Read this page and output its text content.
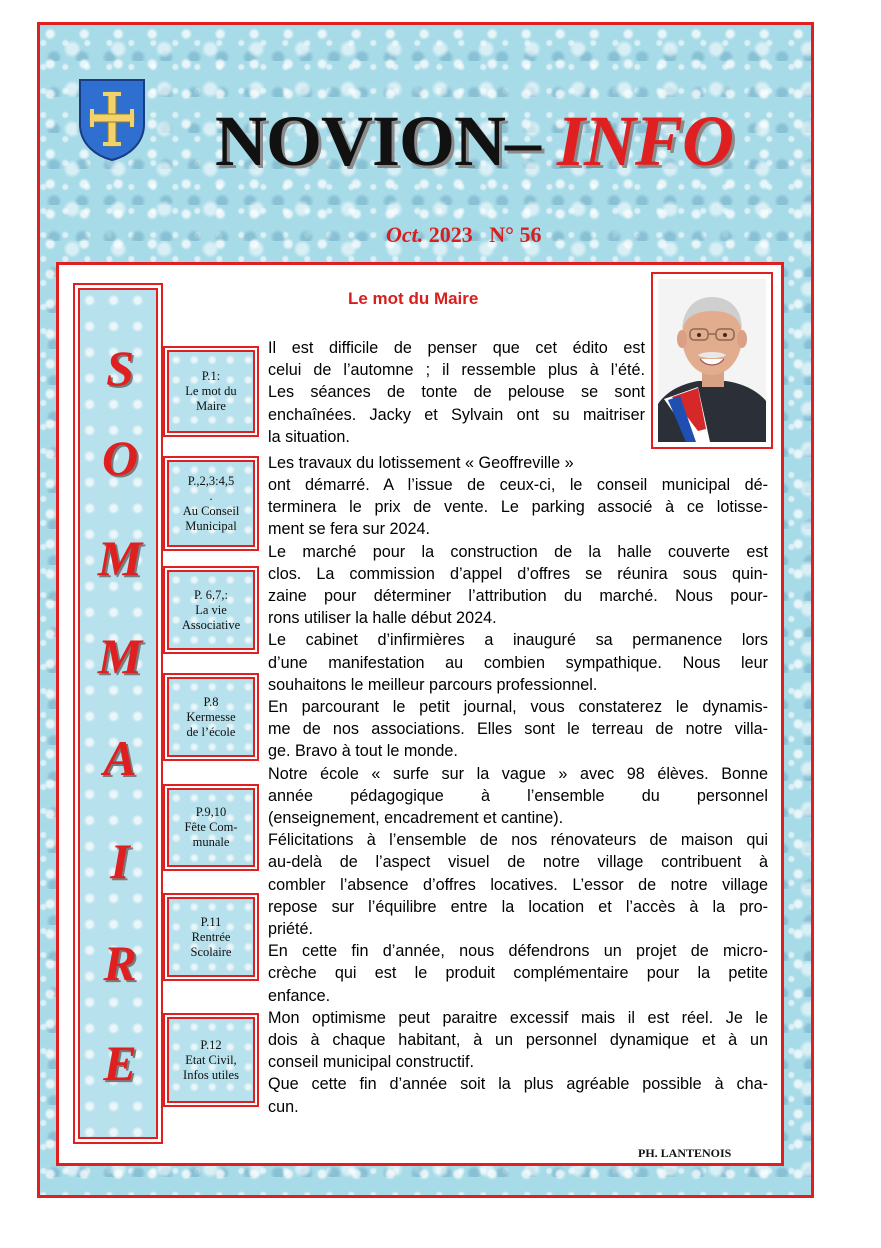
NOVION– INFO
Oct. 2023 N° 56
S
O
M
M
A
I
R
E
P.1:
Le mot du
Maire
P.,2,3:4,5
.
Au Conseil
Municipal
P. 6,7,:
La vie
Associative
P.8
Kermesse
de l’école
P.9,10
Fête Com-
munale
P.11
Rentrée
Scolaire
P.12
Etat Civil,
Infos utiles
Le mot du Maire
Il est difficile de penser que cet édito est
celui de l’automne ; il ressemble plus à l’été.
Les séances de tonte de pelouse se sont
enchaînées. Jacky et Sylvain ont su maitriser
la situation.
Les travaux du lotissement « Geoffreville »
ont démarré. A l’issue de ceux-ci, le conseil municipal dé-
terminera le prix de vente. Le parking associé à ce lotisse-
ment se fera sur 2024.
Le marché pour la construction de la halle couverte est
clos. La commission d’appel d’offres se réunira sous quin-
zaine pour déterminer l’attribution du marché. Nous pour-
rons utiliser la halle début 2024.
Le cabinet d’infirmières a inauguré sa permanence lors
d’une manifestation au combien sympathique. Nous leur
souhaitons le meilleur parcours professionnel.
En parcourant le petit journal, vous constaterez le dynamis-
me de nos associations. Elles sont le terreau de notre villa-
ge. Bravo à tout le monde.
Notre école « surfe sur la vague » avec 98 élèves. Bonne
année pédagogique à l’ensemble du personnel
(enseignement, encadrement et cantine).
Félicitations à l’ensemble de nos rénovateurs de maison qui
au-delà de l’aspect visuel de notre village contribuent à
combler l’absence d’offres locatives. L’essor de notre village
repose sur l’équilibre entre la location et l’accès à la pro-
priété.
En cette fin d’année, nous défendrons un projet de micro-
crèche qui est le produit complémentaire pour la petite
enfance.
Mon optimisme peut paraitre excessif mais il est réel. Je le
dois à chaque habitant, à un personnel dynamique et à un
conseil municipal constructif.
Que cette fin d’année soit la plus agréable possible à cha-
cun.
PH. LANTENOIS
